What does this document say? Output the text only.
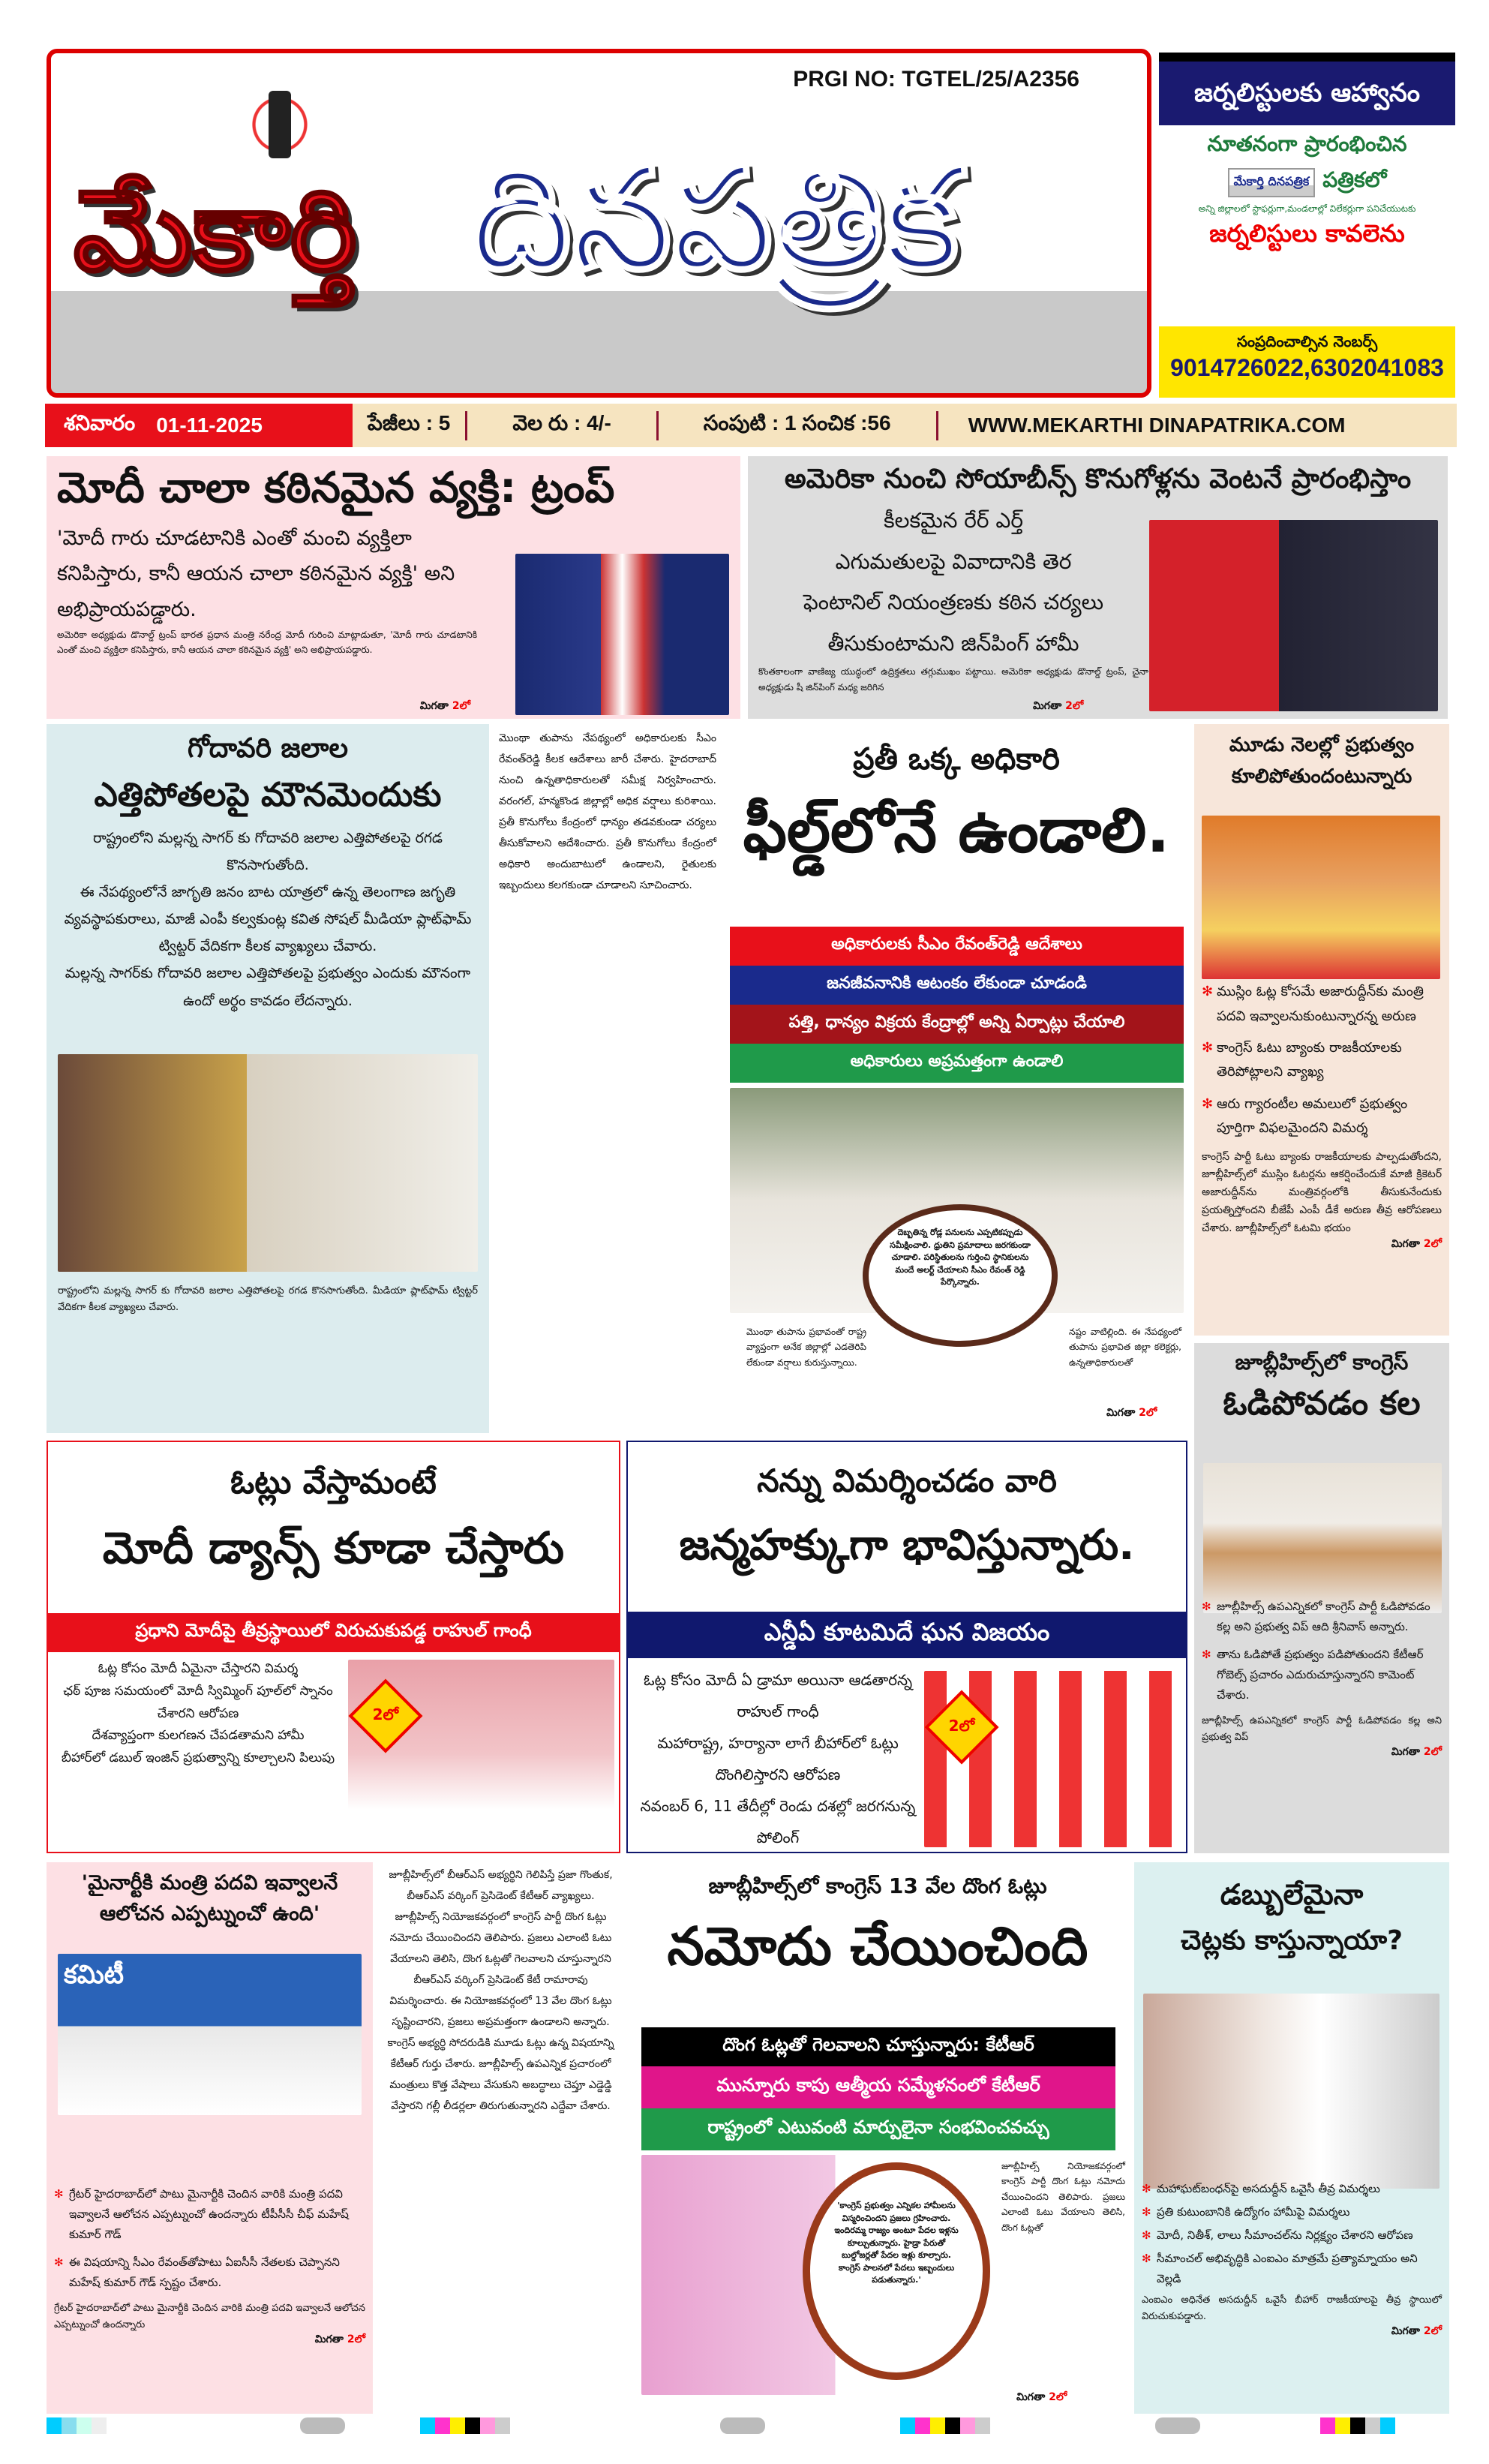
PRGI NO: TGTEL/25/A2356
మేకార్తి దినపత్రిక
జర్నలిస్టులకు ఆహ్వానం
నూతనంగా ప్రారంభించిన
మేకార్తి దినపత్రిక పత్రికలో
అన్ని జిల్లాలలో స్టాఫర్లుగా,మండలాల్లో విలేకర్లుగా పనిచేయుటకు
జర్నలిస్టులు కావలెను
సంప్రదించాల్సిన నెంబర్స్
9014726022,6302041083
శనివారం 01-11-2025	పేజీలు : 5	వెల రు : 4/-	సంపుటి : 1 సంచిక :56	WWW.MEKARTHI DINAPATRIKA.COM
మోదీ చాలా కఠినమైన వ్యక్తి: ట్రంప్
'మోదీ గారు చూడటానికి ఎంతో మంచి వ్యక్తిలా కనిపిస్తారు, కానీ ఆయన చాలా కఠినమైన వ్యక్తి' అని అభిప్రాయపడ్డారు.
అమెరికా అధ్యక్షుడు డొనాల్డ్ ట్రంప్ భారత ప్రధాన మంత్రి నరేంద్ర మోదీ గురించి మాట్లాడుతూ, 'మోదీ గారు చూడటానికి ఎంతో మంచి వ్యక్తిలా కనిపిస్తారు, కానీ ఆయన చాలా కఠినమైన వ్యక్తి' అని అభిప్రాయపడ్డారు.
మిగతా 2లో
అమెరికా నుంచి సోయాబీన్స్ కొనుగోళ్లను వెంటనే ప్రారంభిస్తాం
కీలకమైన రేర్ ఎర్త్
ఎగుమతులపై వివాదానికి తెర
ఫెంటానిల్ నియంత్రణకు కఠిన చర్యలు
తీసుకుంటామని జిన్‌పింగ్ హామీ
కొంతకాలంగా వాణిజ్య యుద్ధంలో ఉద్రిక్తతలు తగ్గుముఖం పట్టాయి. అమెరికా అధ్యక్షుడు డొనాల్డ్ ట్రంప్, చైనా అధ్యక్షుడు షీ జిన్‌పింగ్ మధ్య జరిగిన
మిగతా 2లో
గోదావరి జలాల
ఎత్తిపోతలపై మౌనమెందుకు
రాష్ట్రంలోని మల్లన్న సాగర్ కు గోదావరి జలాల ఎత్తిపోతలపై రగడ కొనసాగుతోంది.
ఈ నేపథ్యంలోనే జాగృతి జనం బాట యాత్రలో ఉన్న తెలంగాణ జగృతి వ్యవస్థాపకురాలు, మాజీ ఎంపీ కల్వకుంట్ల కవిత సోషల్ మీడియా ప్లాట్‌ఫామ్ ట్విట్టర్ వేదికగా కీలక వ్యాఖ్యలు చేవారు.
మల్లన్న సాగర్‌కు గోదావరి జలాల ఎత్తిపోతలపై ప్రభుత్వం ఎందుకు మౌనంగా ఉందో అర్థం కావడం లేదన్నారు.
రాష్ట్రంలోని మల్లన్న సాగర్ కు గోదావరి జలాల ఎత్తిపోతలపై రగడ కొనసాగుతోంది. మీడియా ప్లాట్‌ఫామ్ ట్విట్టర్ వేదికగా కీలక వ్యాఖ్యలు చేవారు.
మొంథా తుపాను నేపథ్యంలో అధికారులకు సీఎం రేవంత్‌రెడ్డి కీలక ఆదేశాలు జారీ చేశారు. హైదరాబాద్‌ నుంచి ఉన్నతాధికారులతో సమీక్ష నిర్వహించారు. వరంగల్, హన్మకొండ జిల్లాల్లో అధిక వర్షాలు కురిశాయి. ప్రతీ కొనుగోలు కేంద్రంలో ధాన్యం తడవకుండా చర్యలు తీసుకోవాలని ఆదేశించారు. ప్రతీ కొనుగోలు కేంద్రంలో అధికారి అందుబాటులో ఉండాలని, రైతులకు ఇబ్బందులు కలగకుండా చూడాలని సూచించారు.
ప్రతీ ఒక్క అధికారి
ఫీల్డ్‌లోనే ఉండాలి.
అధికారులకు సీఎం రేవంత్‌రెడ్డి ఆదేశాలు
జనజీవనానికి ఆటంకం లేకుండా చూడండి
పత్తి, ధాన్యం విక్రయ కేంద్రాల్లో అన్ని ఏర్పాట్లు చేయాలి
అధికారులు అప్రమత్తంగా ఉండాలి
దెబ్బతిన్న రోడ్ల పనులను ఎప్పటికప్పుడు సమీక్షించాలి. ధ్రుతిని ప్రమాదాలు జరగకుండా చూడాలి. పరిస్థితులను గుర్తించి స్థానికులను మందే అలర్ట్ చేయాలని సీఎం రేవంత్ రెడ్డి పేర్కొన్నారు.
మొంథా తుపాను ప్రభావంతో రాష్ట్ర వ్యాప్తంగా అనేక జిల్లాల్లో ఎడతెరిపి లేకుండా వర్షాలు కురుస్తున్నాయి.
నష్టం వాటిల్లింది. ఈ నేపథ్యంలో తుపాను ప్రభావిత జిల్లా కలెక్టర్లు, ఉన్నతాధికారులతో
మిగతా 2లో
మూడు నెలల్లో ప్రభుత్వం కూలిపోతుందంటున్నారు
✻ ముస్లిం ఓట్ల కోసమే అజారుద్దీన్‌కు మంత్రి పదవి ఇవ్వాలనుకుంటున్నారన్న అరుణ
✻ కాంగ్రెస్ ఓటు బ్యాంకు రాజకీయాలకు తెరిపోట్లాలని వ్యాఖ్య
✻ ఆరు గ్యారంటీల అమలులో ప్రభుత్వం పూర్తిగా విఫలమైందని విమర్శ
కాంగ్రెస్ పార్టీ ఓటు బ్యాంకు రాజకీయాలకు పాల్పడుతోందని, జూబ్లీహిల్స్‌లో ముస్లిం ఓటర్లను ఆకర్షించేందుకే మాజీ క్రికెటర్ అజారుద్దీన్‌ను మంత్రివర్గంలోకి తీసుకునేందుకు ప్రయత్నిస్తోందని బీజేపీ ఎంపీ డీకే అరుణ తీవ్ర ఆరోపణలు చేశారు. జూబ్లీహిల్స్‌లో ఓటమి భయం
మిగతా 2లో
జూబ్లీహిల్స్‌లో కాంగ్రెస్
ఓడిపోవడం కల
✻ జూబ్లీహిల్స్ ఉపఎన్నికలో కాంగ్రెస్ పార్టీ ఓడిపోవడం కల్ల అని ప్రభుత్వ విప్ ఆది శ్రీనివాస్ అన్నారు.
✻ తాను ఓడిపోతే ప్రభుత్వం పడిపోతుందని కేటీఆర్ గోబెల్స్ ప్రచారం ఎదురుచూస్తున్నారని కామెంట్ చేశారు.
జూబ్లీహిల్స్ ఉపఎన్నికలో కాంగ్రెస్ పార్టీ ఓడిపోవడం కల్ల అని ప్రభుత్వ విప్
మిగతా 2లో
ఓట్లు వేస్తామంటే
మోదీ డ్యాన్స్ కూడా చేస్తారు
ప్రధాని మోదీపై తీవ్రస్థాయిలో విరుచుకుపడ్డ రాహుల్ గాంధీ
ఓట్ల కోసం మోదీ ఏమైనా చేస్తారని విమర్శ
ఛఠ్ పూజ సమయంలో మోదీ స్విమ్మింగ్ పూల్‌లో స్నానం చేశారని ఆరోపణ
దేశవ్యాప్తంగా కులగణన చేపడతామని హామీ
బీహార్‌లో డబుల్ ఇంజిన్ ప్రభుత్వాన్ని కూల్చాలని పిలుపు
2లో
నన్ను విమర్శించడం వారి
జన్మహక్కుగా భావిస్తున్నారు.
ఎన్డీఏ కూటమిదే ఘన విజయం
ఓట్ల కోసం మోదీ ఏ డ్రామా అయినా ఆడతారన్న రాహుల్ గాంధీ
మహారాష్ట్ర, హర్యానా లాగే బీహార్‌లో ఓట్లు దొంగిలిస్తారని ఆరోపణ
నవంబర్ 6, 11 తేదీల్లో రెండు దశల్లో జరగనున్న పోలింగ్
2లో
'మైనార్టీకి మంత్రి పదవి ఇవ్వాలనే ఆలోచన ఎప్పట్నుంచో ఉంది'
కమిటీ
✻ గ్రేటర్ హైదరాబాద్‌లో పాటు మైనార్టీకి చెందిన వారికి మంత్రి పదవి ఇవ్వాలనే ఆలోచన ఎప్పట్నుంచో ఉందన్నారు టీపీసీసీ చీఫ్ మహేష్ కుమార్ గౌడ్
✻ ఈ విషయాన్ని సీఎం రేవంత్‌తోపాటు ఏఐసీసీ నేతలకు చెప్పానని మహేష్ కుమార్ గౌడ్ స్పష్టం చేశారు.
గ్రేటర్ హైదరాబాద్‌లో పాటు మైనార్టీకి చెందిన వారికి మంత్రి పదవి ఇవ్వాలనే ఆలోచన ఎప్పట్నుంచో ఉందన్నారు
మిగతా 2లో
జూబ్లీహిల్స్‌లో బీఆర్ఎస్ అభ్యర్థిని గెలిపిస్తే ప్రజా గొంతుక, బీఆర్ఎస్ వర్కింగ్ ప్రెసిడెంట్ కేటీఆర్ వ్యాఖ్యలు. జూబ్లీహిల్స్ నియోజకవర్గంలో కాంగ్రెస్ పార్టీ దొంగ ఓట్లు నమోదు చేయించిందని తెలిపారు. ప్రజలు ఎలాంటి ఓటు వేయాలని తెలిసి, దొంగ ఓట్లతో గెలవాలని చూస్తున్నారని బీఆర్ఎస్ వర్కింగ్ ప్రెసిడెంట్ కేటీ రామారావు విమర్శించారు. ఈ నియోజకవర్గంలో 13 వేల దొంగ ఓట్లు సృష్టించారని, ప్రజలు అప్రమత్తంగా ఉండాలని అన్నారు. కాంగ్రెస్ అభ్యర్థి సోదరుడికి మూడు ఓట్లు ఉన్న విషయాన్ని కేటీఆర్ గుర్తు చేశారు. జూబ్లీహిల్స్ ఉపఎన్నిక ప్రచారంలో మంత్రులు కొత్త వేషాలు వేసుకుని అబద్ధాలు చెప్తూ ఎడ్డెడ్డి వేస్తారని గల్లీ లీడర్లలా తిరుగుతున్నారని ఎద్దేవా చేశారు.
జూబ్లీహిల్స్‌లో కాంగ్రెస్ 13 వేల దొంగ ఓట్లు
నమోదు చేయించింది
దొంగ ఓట్లతో గెలవాలని చూస్తున్నారు: కేటీఆర్
మున్నూరు కాపు ఆత్మీయ సమ్మేళనంలో కేటీఆర్
రాష్ట్రంలో ఎటువంటి మార్పులైనా సంభవించవచ్చు
'కాంగ్రెస్ ప్రభుత్వం ఎన్నికల హామీలను విస్మరించిందని ప్రజలు గ్రహించారు. ఇందిరమ్మ రాజ్యం అంటూ పేదల ఇళ్లను కూల్చుతున్నారు. హైడ్రా పేరుతో బుల్డోజర్లతో పేదల ఇళ్లు కూల్చారు. కాంగ్రెస్ పాలనలో పేదలు ఇబ్బందులు పడుతున్నారు.'
జూబ్లీహిల్స్ నియోజకవర్గంలో కాంగ్రెస్ పార్టీ దొంగ ఓట్లు నమోదు చేయించిందని తెలిపారు. ప్రజలు ఎలాంటి ఓటు వేయాలని తెలిసి, దొంగ ఓట్లతో
మిగతా 2లో
డబ్బులేమైనా
చెట్లకు కాస్తున్నాయా?
✻ మహాఘట్‌బంధన్‌పై అసదుద్దీన్ ఒవైసీ తీవ్ర విమర్శలు
✻ ప్రతి కుటుంబానికి ఉద్యోగం హామీపై విమర్శలు
✻ మోదీ, నితీశ్, లాలు సీమాంచల్‌ను నిర్లక్ష్యం చేశారని ఆరోపణ
✻ సీమాంచల్ అభివృద్ధికి ఎంఐఎం మాత్రమే ప్రత్యామ్నాయం అని వెల్లడి
ఎంఐఎం అధినేత అసదుద్దీన్ ఒవైసీ బీహార్ రాజకీయాలపై తీవ్ర స్థాయిలో విరుచుకుపడ్డారు.
మిగతా 2లో
